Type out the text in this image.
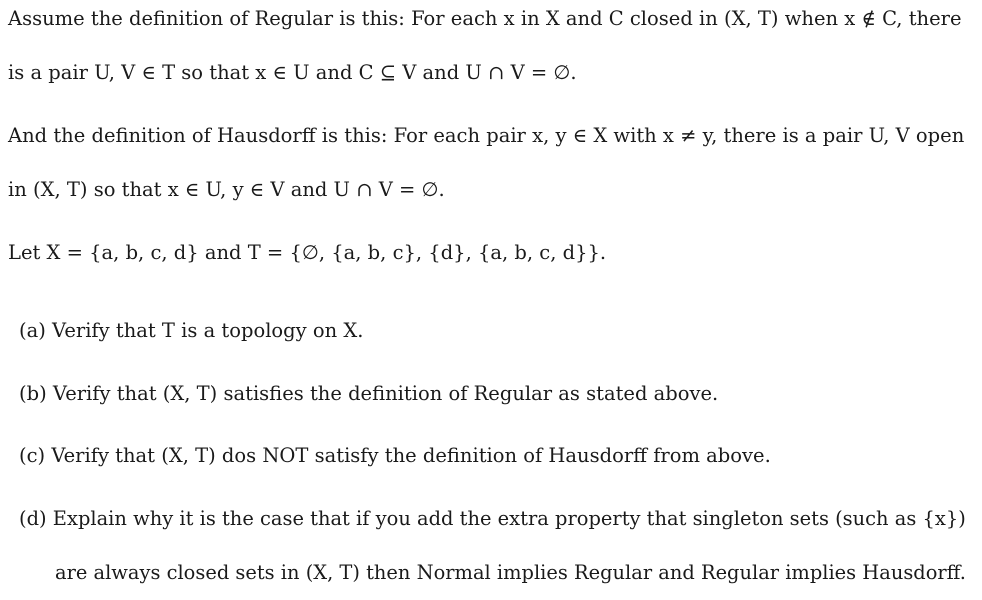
Assume the definition of Regular is this: For each x in X and C closed in (X, T) when x ∉ C, there
is a pair U, V ∈ T so that x ∈ U and C ⊆ V and U ∩ V = ∅.
And the definition of Hausdorff is this: For each pair x, y ∈ X with x ≠ y, there is a pair U, V open
in (X, T) so that x ∈ U, y ∈ V and U ∩ V = ∅.
Let X = {a, b, c, d} and T = {∅, {a, b, c}, {d}, {a, b, c, d}}.
(a) Verify that T is a topology on X.
(b) Verify that (X, T) satisfies the definition of Regular as stated above.
(c) Verify that (X, T) dos NOT satisfy the definition of Hausdorff from above.
(d) Explain why it is the case that if you add the extra property that singleton sets (such as {x})
are always closed sets in (X, T) then Normal implies Regular and Regular implies Hausdorff.
